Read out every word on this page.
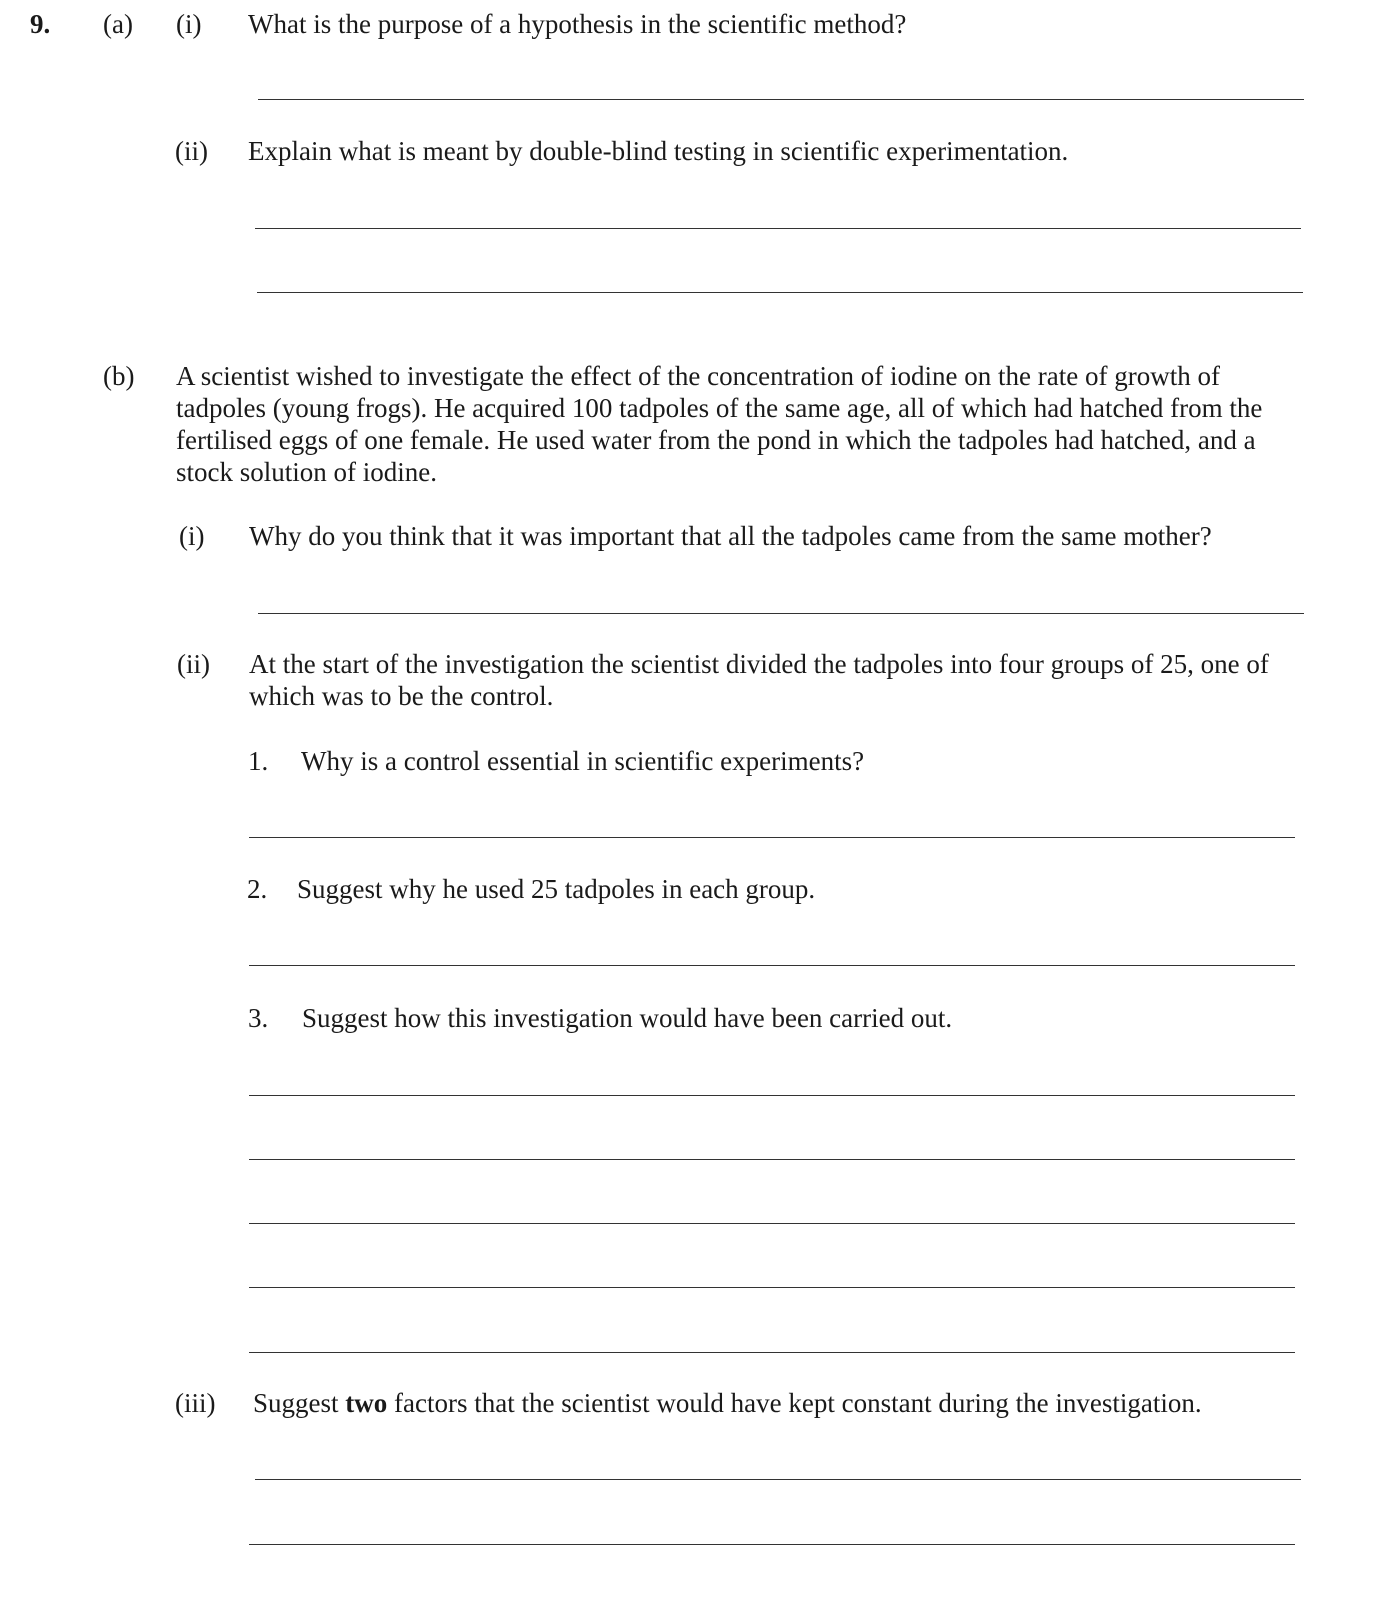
9. (a) (i) What is the purpose of a hypothesis in the scientific method?
(ii) Explain what is meant by double-blind testing in scientific experimentation.
(b) A scientist wished to investigate the effect of the concentration of iodine on the rate of growth of tadpoles (young frogs). He acquired 100 tadpoles of the same age, all of which had hatched from the fertilised eggs of one female. He used water from the pond in which the tadpoles had hatched, and a stock solution of iodine.
(i) Why do you think that it was important that all the tadpoles came from the same mother?
(ii) At the start of the investigation the scientist divided the tadpoles into four groups of 25, one of which was to be the control.
1. Why is a control essential in scientific experiments?
2. Suggest why he used 25 tadpoles in each group.
3. Suggest how this investigation would have been carried out.
(iii) Suggest two factors that the scientist would have kept constant during the investigation.
